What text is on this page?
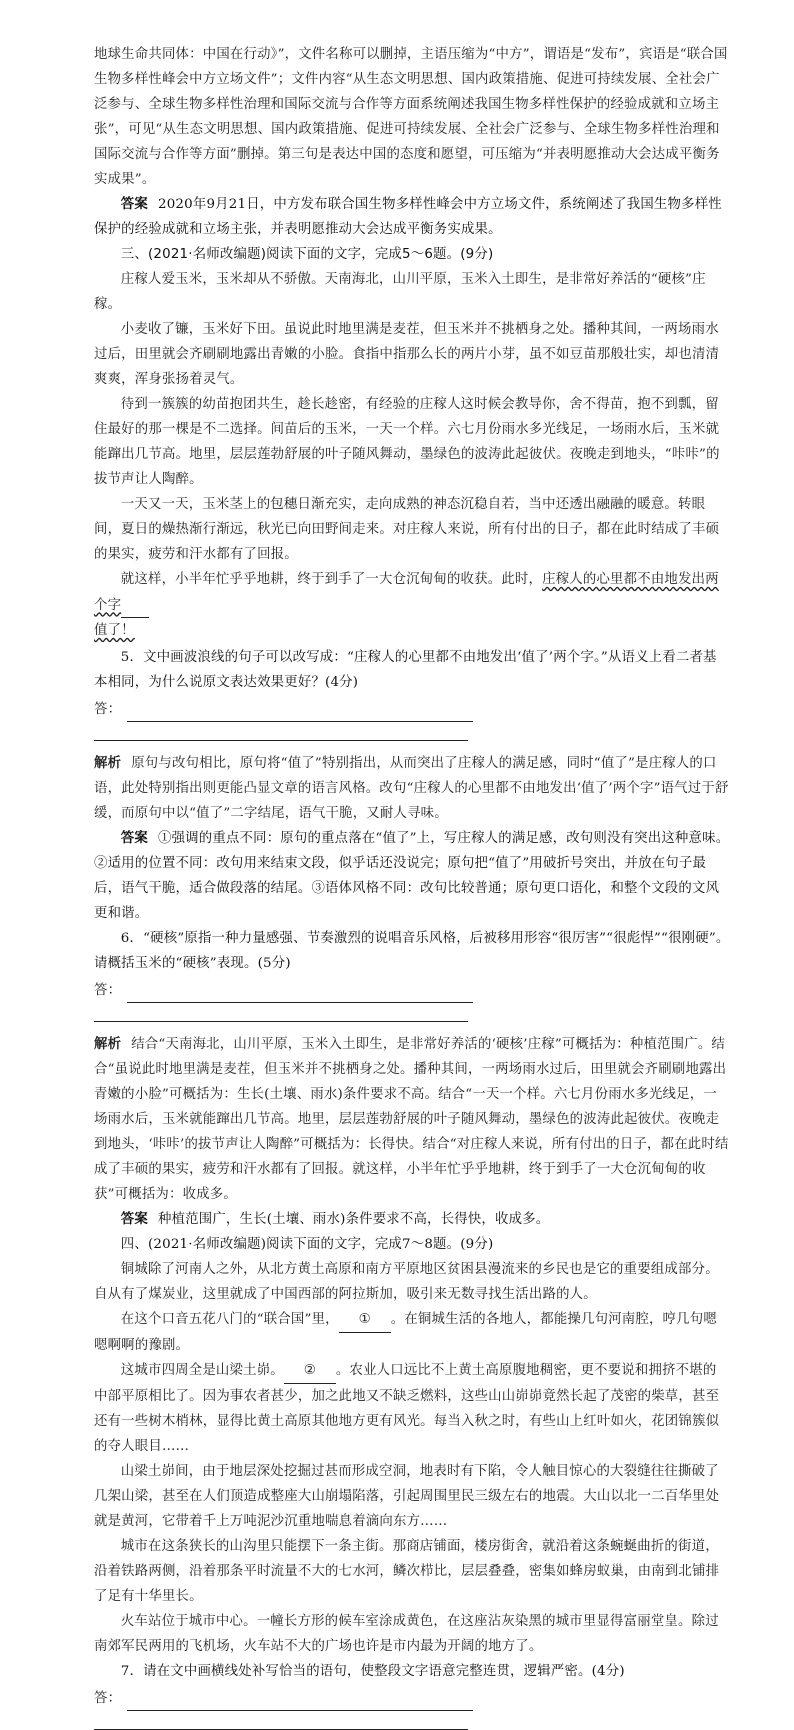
地球生命共同体：中国在行动》”，文件名称可以删掉，主语压缩为“中方”，谓语是“发布”，宾语是“联合国生物多样性峰会中方立场文件”；文件内容“从生态文明思想、国内政策措施、促进可持续发展、全社会广泛参与、全球生物多样性治理和国际交流与合作等方面系统阐述我国生物多样性保护的经验成就和立场主张”，可见“从生态文明思想、国内政策措施、促进可持续发展、全社会广泛参与、全球生物多样性治理和国际交流与合作等方面”删掉。第三句是表达中国的态度和愿望，可压缩为“并表明愿推动大会达成平衡务实成果”。

答案 2020年9月21日，中方发布联合国生物多样性峰会中方立场文件，系统阐述了我国生物多样性保护的经验成就和立场主张，并表明愿推动大会达成平衡务实成果。

三、(2021·名师改编题)阅读下面的文字，完成5～6题。(9分)

庄稼人爱玉米，玉米却从不骄傲。天南海北，山川平原，玉米入土即生，是非常好养活的“硬核”庄稼。

小麦收了镰，玉米好下田。虽说此时地里满是麦茬，但玉米并不挑栖身之处。播种其间，一两场雨水过后，田里就会齐刷刷地露出青嫩的小脸。食指中指那么长的两片小芽，虽不如豆苗那般壮实，却也清清爽爽，浑身张扬着灵气。

待到一簇簇的幼苗抱团共生，趁长趁密，有经验的庄稼人这时候会教导你，舍不得苗，抱不到瓢，留住最好的那一棵是不二选择。间苗后的玉米，一天一个样。六七月份雨水多光线足，一场雨水后，玉米就能蹿出几节高。地里，层层莲勃舒展的叶子随风舞动，墨绿色的波涛此起彼伏。夜晚走到地头，“咔咔”的拔节声让人陶醉。

一天又一天，玉米茎上的包穗日渐充实，走向成熟的神态沉稳自若，当中还透出融融的暖意。转眼间，夏日的燥热渐行渐远，秋光已向田野间走来。对庄稼人来说，所有付出的日子，都在此时结成了丰硕的果实，疲劳和汗水都有了回报。

就这样，小半年忙乎乎地耕，终于到手了一大仓沉甸甸的收获。此时，庄稼人的心里都不由地发出两个字

值了！

5．文中画波浪线的句子可以改写成：“庄稼人的心里都不由地发出‘值了’两个字。”从语义上看二者基本相同，为什么说原文表达效果更好？(4分)

答：

解析 原句与改句相比，原句将“值了”特别指出，从而突出了庄稼人的满足感，同时“值了”是庄稼人的口语，此处特别指出则更能凸显文章的语言风格。改句“庄稼人的心里都不由地发出‘值了’两个字”语气过于舒缓，而原句中以“值了”二字结尾，语气干脆，又耐人寻味。

答案 ①强调的重点不同：原句的重点落在“值了”上，写庄稼人的满足感，改句则没有突出这种意味。②适用的位置不同：改句用来结束文段，似乎话还没说完；原句把“值了”用破折号突出，并放在句子最后，语气干脆，适合做段落的结尾。③语体风格不同：改句比较普通；原句更口语化，和整个文段的文风更和谐。

6．“硬核”原指一种力量感强、节奏激烈的说唱音乐风格，后被移用形容“很厉害”“很彪悍”“很刚硬”。请概括玉米的“硬核”表现。(5分)

答：

解析 结合“天南海北，山川平原，玉米入土即生，是非常好养活的‘硬核’庄稼”可概括为：种植范围广。结合“虽说此时地里满是麦茬，但玉米并不挑栖身之处。播种其间，一两场雨水过后，田里就会齐刷刷地露出青嫩的小脸”可概括为：生长(土壤、雨水)条件要求不高。结合“一天一个样。六七月份雨水多光线足，一场雨水后，玉米就能蹿出几节高。地里，层层莲勃舒展的叶子随风舞动，墨绿色的波涛此起彼伏。夜晚走到地头，‘咔咔’的拔节声让人陶醉”可概括为：长得快。结合“对庄稼人来说，所有付出的日子，都在此时结成了丰硕的果实，疲劳和汗水都有了回报。就这样，小半年忙乎乎地耕，终于到手了一大仓沉甸甸的收获”可概括为：收成多。

答案 种植范围广，生长(土壤、雨水)条件要求不高，长得快，收成多。

四、(2021·名师改编题)阅读下面的文字，完成7～8题。(9分)

铜城除了河南人之外，从北方黄土高原和南方平原地区贫困县漫流来的乡民也是它的重要组成部分。自从有了煤炭业，这里就成了中国西部的阿拉斯加，吸引来无数寻找生活出路的人。

在这个口音五花八门的“联合国”里， ① 。在铜城生活的各地人，都能操几句河南腔，哼几句嗯嗯啊啊的豫剧。

这城市四周全是山梁土峁。 ② 。农业人口远比不上黄土高原腹地稠密，更不要说和拥挤不堪的中部平原相比了。因为事农者甚少，加之此地又不缺乏燃料，这些山山峁峁竟然长起了茂密的柴草，甚至还有一些树木梢林，显得比黄土高原其他地方更有风光。每当入秋之时，有些山上红叶如火，花团锦簇似的夺人眼目……

山梁土峁间，由于地层深处挖掘过甚而形成空洞，地表时有下陷，令人触目惊心的大裂缝往往撕破了几架山梁，甚至在人们顶造成整座大山崩塌陷落，引起周围里民三级左右的地震。大山以北一二百华里处就是黄河，它带着千上万吨泥沙沉重地喘息着滴向东方……

城市在这条狭长的山沟里只能摆下一条主街。那商店铺面，楼房街舍，就沿着这条蜿蜒曲折的街道，沿着铁路两侧，沿着那条平时流量不大的七水河，鳞次栉比，层层叠叠，密集如蜂房蚁巢，由南到北铺排了足有十华里长。

火车站位于城市中心。一幢长方形的候车室涂成黄色，在这座沾灰染黑的城市里显得富丽堂皇。除过南郊军民两用的飞机场，火车站不大的广场也许是市内最为开阔的地方了。

7．请在文中画横线处补写恰当的语句，使整段文字语意完整连贯，逻辑严密。(4分)

答：
